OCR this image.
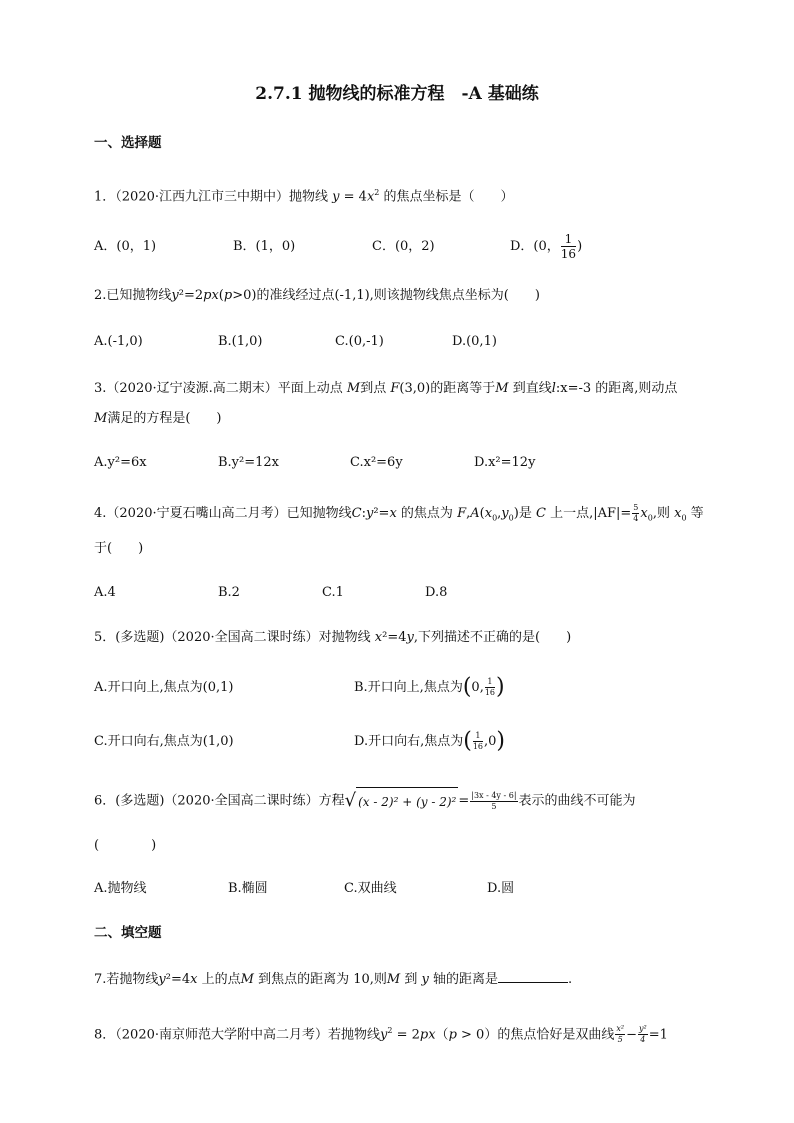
2.7.1 抛物线的标准方程　-A 基础练
一、选择题
1．（2020·江西九江市三中期中）抛物线 $y = 4x^2$ 的焦点坐标是（　　）
A．(0，1)	B．(1，0)	C．(0，2)	D．(0， $\frac{1}{16}$ )
2.已知抛物线y²=2px(p>0)的准线经过点(-1,1),则该抛物线焦点坐标为(　　)
A.(-1,0)	B.(1,0)	C.(0,-1)	D.(0,1)
3.（2020·辽宁凌源.高二期末）平面上动点 M到点 F(3,0)的距离等于M 到直线l:x=-3 的距离,则动点
M满足的方程是(　　)
A.y²=6x	B.y²=12x	C.x²=6y	D.x²=12y
4.（2020·宁夏石嘴山高二月考）已知抛物线C:y²=x 的焦点为 $F,A(x_0,y_0)$是 C 上一点$,|AF|= \frac{5}{4} x_0$,则 $x_0$ 等
于(　　)
A.4	B.2	C.1	D.8
5．(多选题)（2020·全国高二课时练）对抛物线 x²=4y,下列描述不正确的是(　　)
A.开口向上,焦点为(0,1)	B.开口向上,焦点为(0, $\frac{1}{16}$ )
C.开口向右,焦点为(1,0)	D.开口向右,焦点为( $\frac{1}{16} ,0$)
6．(多选题)（2020·全国高二课时练）方程√ $(x - 2)^2 + (y - 2)^2 = \frac{|3x - 4y - 6|}{5}$ 表示的曲线不可能为
(　　　　)
A.抛物线	B.椭圆	C.双曲线	D.圆
二、填空题
7.若抛物线y²=4x 上的点M 到焦点的距离为 10,则M 到 y 轴的距离是	.
8．（2020·南京师范大学附中高二月考）若抛物线$y^2 = 2px(p > 0)$的焦点恰好是双曲线 $\frac{\text{x²}}{5} - \frac{\text{y²}}{4} =1$
